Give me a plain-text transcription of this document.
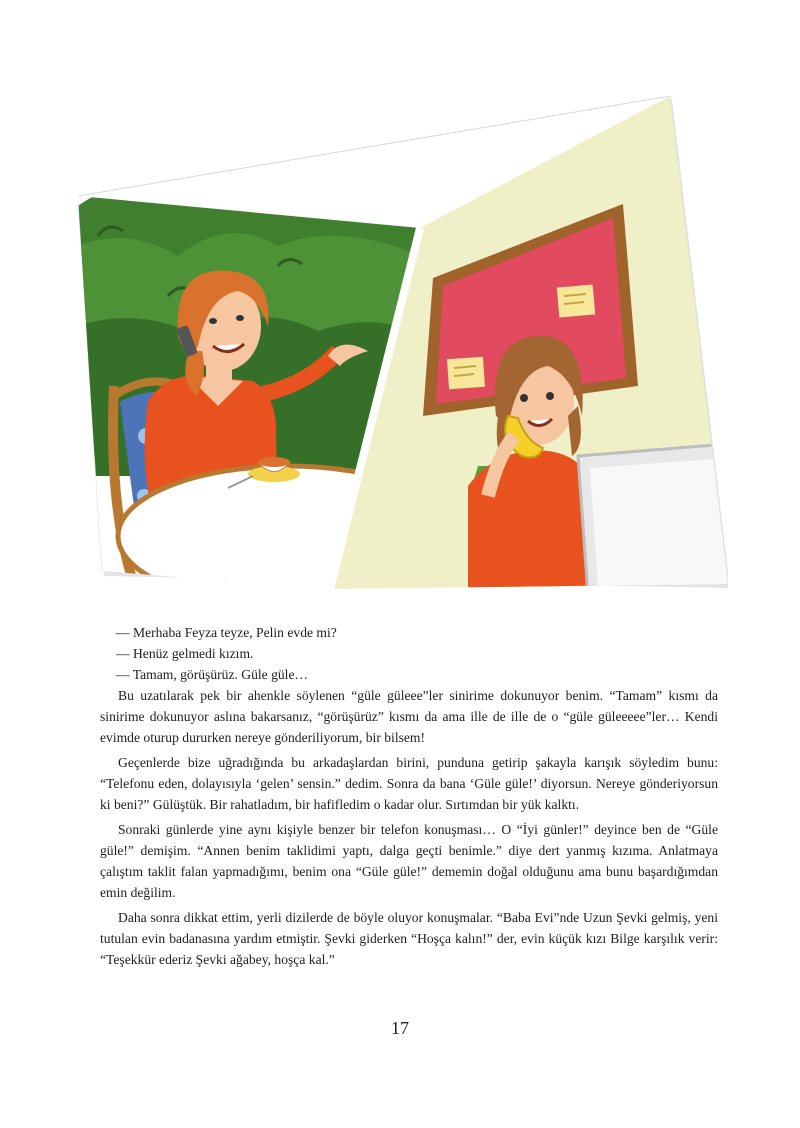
— Merhaba Feyza teyze, Pelin evde mi?

— Henüz gelmedi kızım.

— Tamam, görüşürüz. Güle güle…

Bu uzatılarak pek bir ahenkle söylenen “güle güleee”ler sinirime dokunuyor benim. “Tamam” kısmı da sinirime dokunuyor aslına bakarsanız, “görüşürüz” kısmı da ama ille de ille de o “güle güleeeee”ler… Kendi evimde oturup dururken nereye gönderiliyorum, bir bilsem!

Geçenlerde bize uğradığında bu arkadaşlardan birini, punduna getirip şakayla karışık söyledim bunu: “Telefonu eden, dolayısıyla ‘gelen’ sensin.” dedim. Sonra da bana ‘Güle güle!’ diyorsun. Nereye gönderiyorsun ki beni?” Gülüştük. Bir rahatladım, bir hafifledim o kadar olur. Sırtımdan bir yük kalktı.

Sonraki günlerde yine aynı kişiyle benzer bir telefon konuşması… O “İyi günler!” deyince ben de “Güle güle!” demişim. “Annen benim taklidimi yaptı, dalga geçti benimle.” diye dert yanmış kızıma. Anlatmaya çalıştım taklit falan yapmadığımı, benim ona “Güle güle!” dememin doğal olduğunu ama bunu başardığımdan emin değilim.

Daha sonra dikkat ettim, yerli dizilerde de böyle oluyor konuşmalar. “Baba Evi”nde Uzun Şevki gelmiş, yeni tutulan evin badanasına yardım etmiştir. Şevki giderken “Hoşça kalın!” der, evin küçük kızı Bilge karşılık verir: “Teşekkür ederiz Şevki ağabey, hoşça kal.”

17
